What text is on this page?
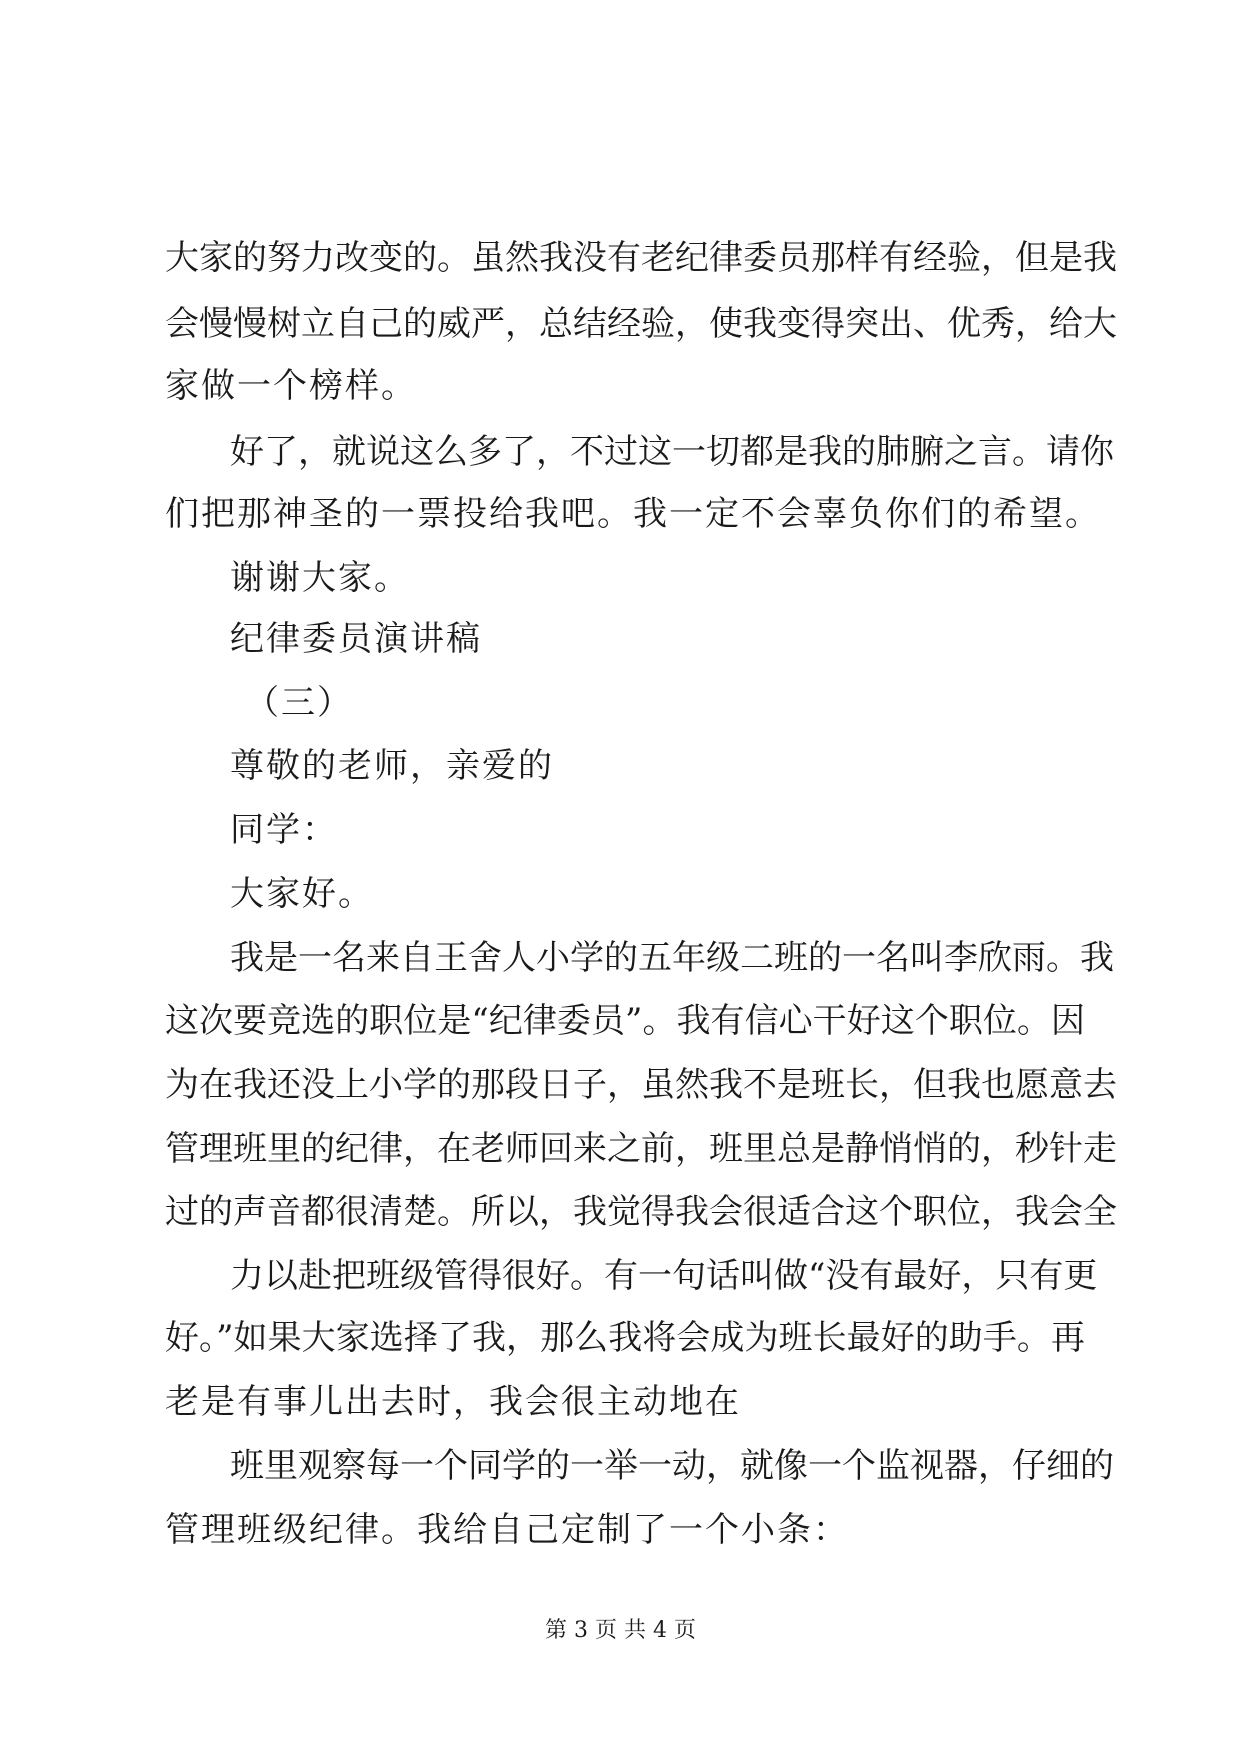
大家的努力改变的。虽然我没有老纪律委员那样有经验，但是我
会慢慢树立自己的威严，总结经验，使我变得突出、优秀，给大
家做一个榜样。
好了，就说这么多了，不过这一切都是我的肺腑之言。请你
们把那神圣的一票投给我吧。我一定不会辜负你们的希望。
谢谢大家。
纪律委员演讲稿
（三）
尊敬的老师，亲爱的
同学：
大家好。
我是一名来自王舍人小学的五年级二班的一名叫李欣雨。我
这次要竞选的职位是“纪律委员”。我有信心干好这个职位。因
为在我还没上小学的那段日子，虽然我不是班长，但我也愿意去
管理班里的纪律，在老师回来之前，班里总是静悄悄的，秒针走
过的声音都很清楚。所以，我觉得我会很适合这个职位，我会全
力以赴把班级管得很好。有一句话叫做“没有最好，只有更
好。”如果大家选择了我，那么我将会成为班长最好的助手。再
老是有事儿出去时，我会很主动地在
班里观察每一个同学的一举一动，就像一个监视器，仔细的
管理班级纪律。我给自己定制了一个小条：
第 3 页 共 4 页
